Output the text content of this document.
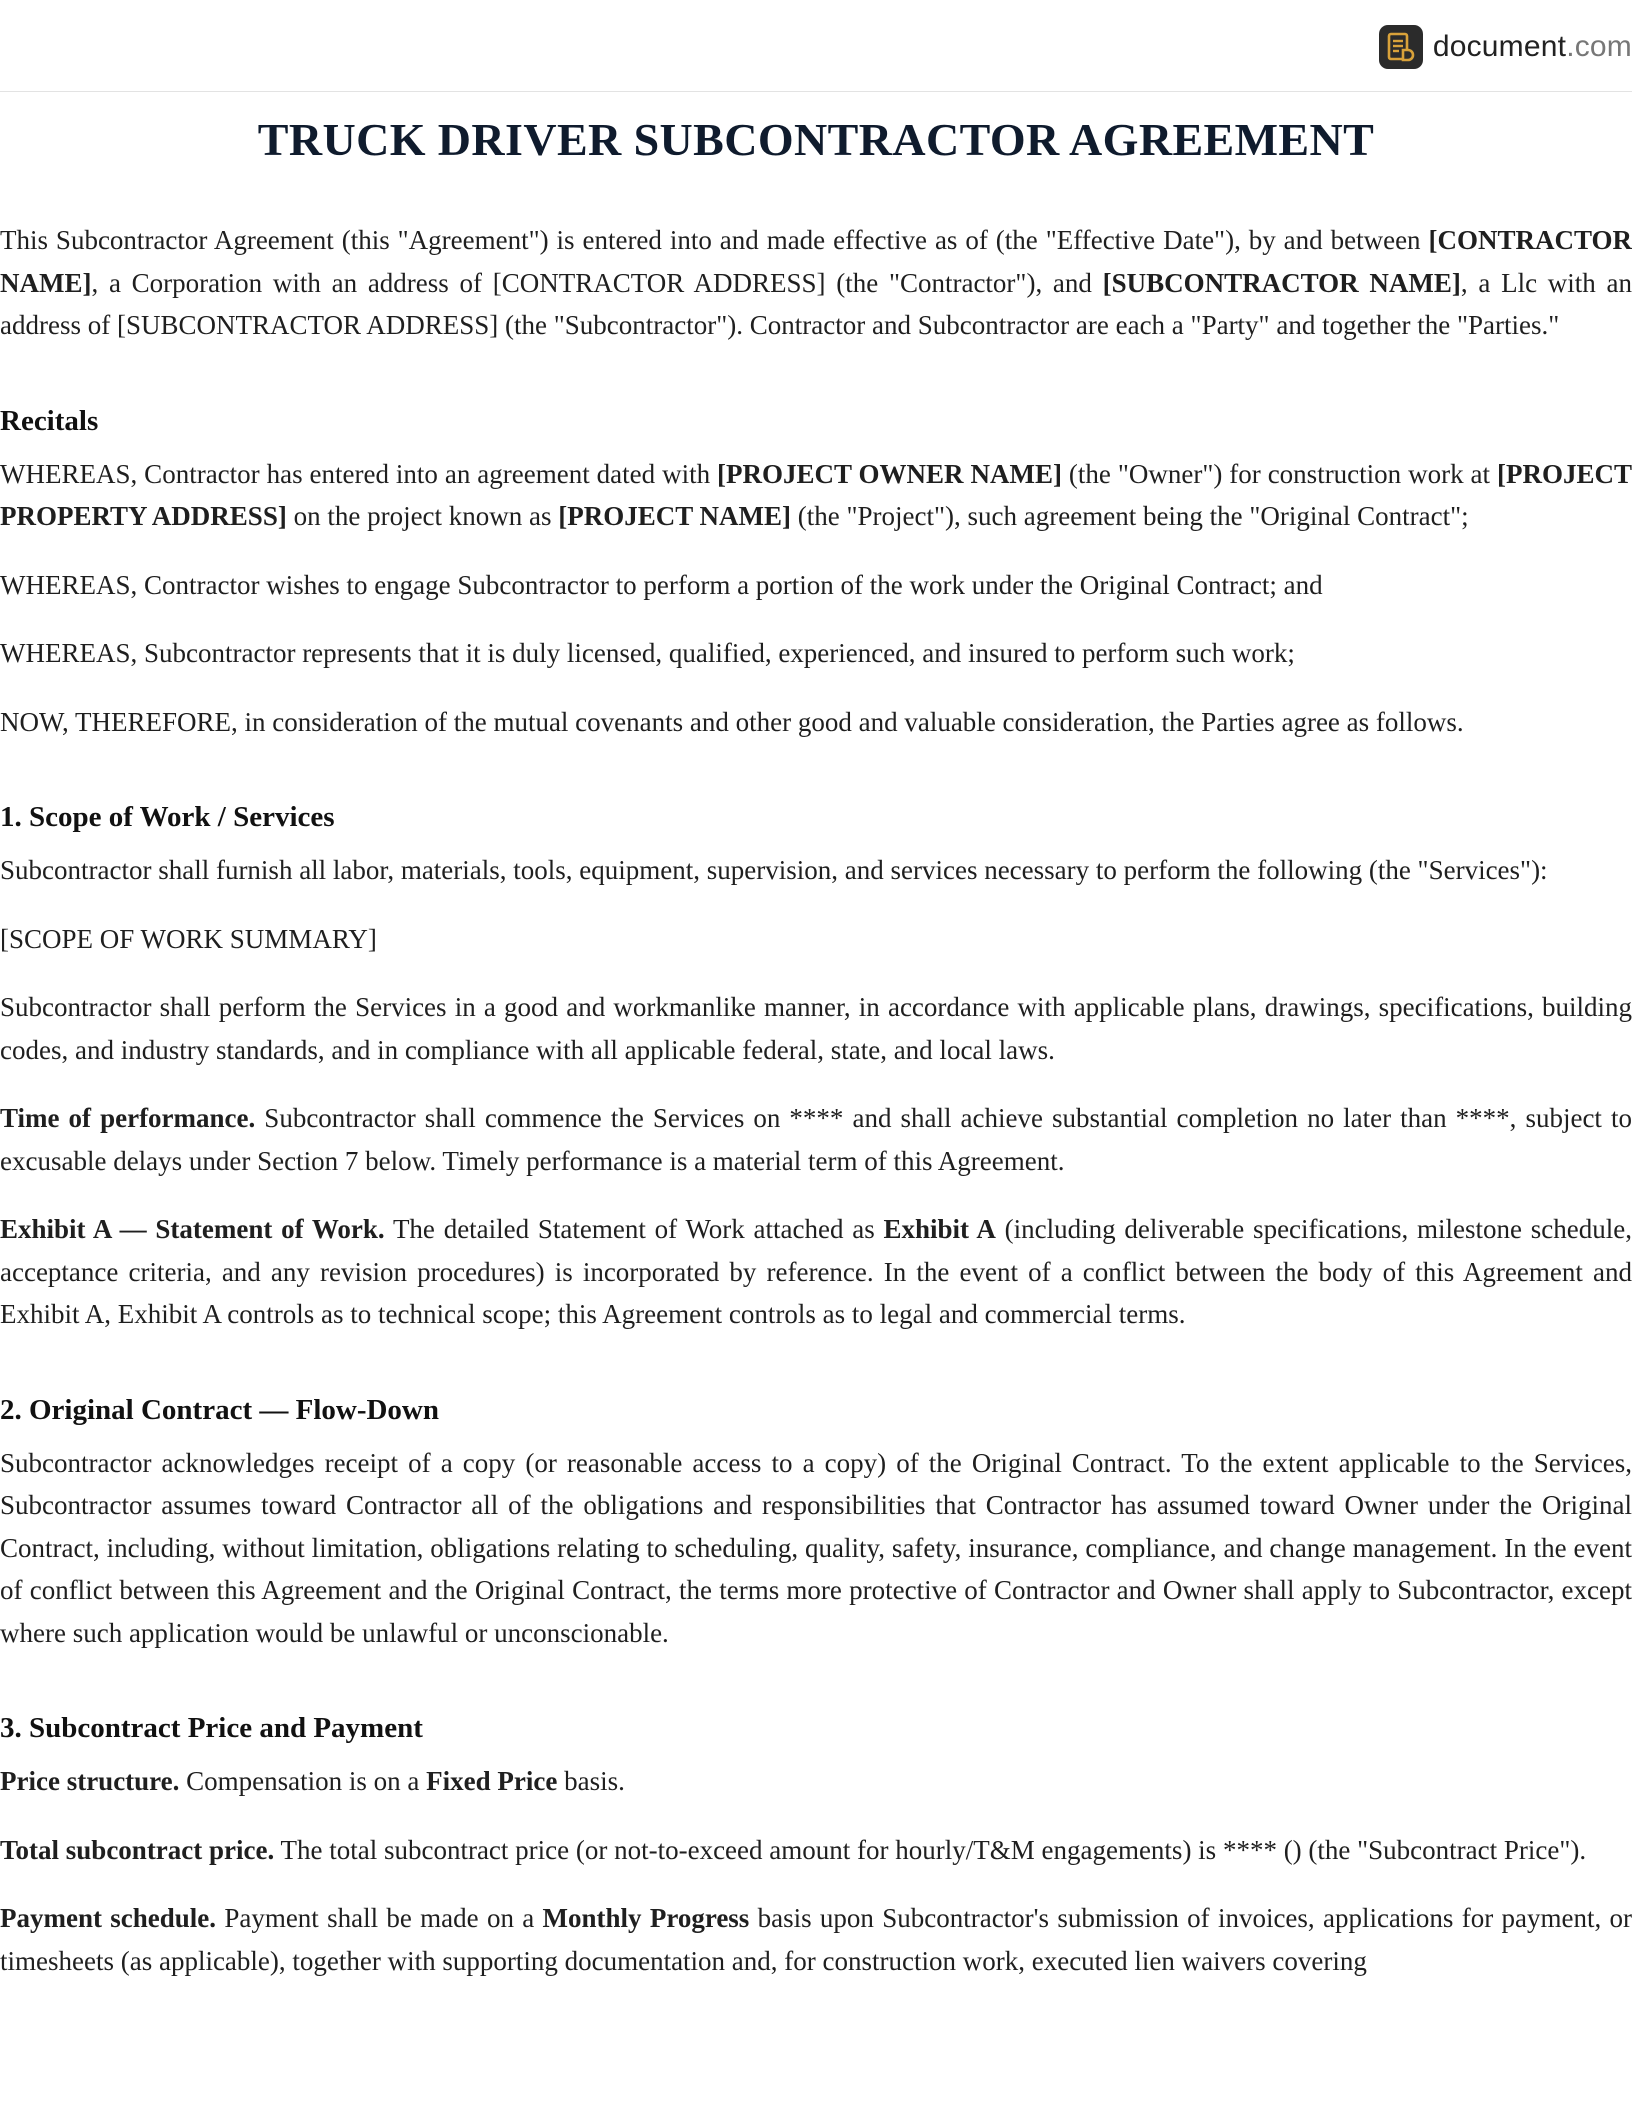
document.com
TRUCK DRIVER SUBCONTRACTOR AGREEMENT

This Subcontractor Agreement (this "Agreement") is entered into and made effective as of (the "Effective Date"), by and between [CONTRACTOR NAME], a Corporation with an address of [CONTRACTOR ADDRESS] (the "Contractor"), and [SUBCONTRACTOR NAME], a Llc with an address of [SUBCONTRACTOR ADDRESS] (the "Subcontractor"). Contractor and Subcontractor are each a "Party" and together the "Parties."

Recitals

WHEREAS, Contractor has entered into an agreement dated with [PROJECT OWNER NAME] (the "Owner") for construction work at [PROJECT PROPERTY ADDRESS] on the project known as [PROJECT NAME] (the "Project"), such agreement being the "Original Contract";

WHEREAS, Contractor wishes to engage Subcontractor to perform a portion of the work under the Original Contract; and

WHEREAS, Subcontractor represents that it is duly licensed, qualified, experienced, and insured to perform such work;

NOW, THEREFORE, in consideration of the mutual covenants and other good and valuable consideration, the Parties agree as follows.

1. Scope of Work / Services

Subcontractor shall furnish all labor, materials, tools, equipment, supervision, and services necessary to perform the following (the "Services"):

[SCOPE OF WORK SUMMARY]

Subcontractor shall perform the Services in a good and workmanlike manner, in accordance with applicable plans, drawings, specifications, building codes, and industry standards, and in compliance with all applicable federal, state, and local laws.

Time of performance. Subcontractor shall commence the Services on **** and shall achieve substantial completion no later than ****, subject to excusable delays under Section 7 below. Timely performance is a material term of this Agreement.

Exhibit A — Statement of Work. The detailed Statement of Work attached as Exhibit A (including deliverable specifications, milestone schedule, acceptance criteria, and any revision procedures) is incorporated by reference. In the event of a conflict between the body of this Agreement and Exhibit A, Exhibit A controls as to technical scope; this Agreement controls as to legal and commercial terms.

2. Original Contract — Flow-Down

Subcontractor acknowledges receipt of a copy (or reasonable access to a copy) of the Original Contract. To the extent applicable to the Services, Subcontractor assumes toward Contractor all of the obligations and responsibilities that Contractor has assumed toward Owner under the Original Contract, including, without limitation, obligations relating to scheduling, quality, safety, insurance, compliance, and change management. In the event of conflict between this Agreement and the Original Contract, the terms more protective of Contractor and Owner shall apply to Subcontractor, except where such application would be unlawful or unconscionable.

3. Subcontract Price and Payment

Price structure. Compensation is on a Fixed Price basis.

Total subcontract price. The total subcontract price (or not-to-exceed amount for hourly/T&M engagements) is **** () (the "Subcontract Price").

Payment schedule. Payment shall be made on a Monthly Progress basis upon Subcontractor's submission of invoices, applications for payment, or timesheets (as applicable), together with supporting documentation and, for construction work, executed lien waivers covering
